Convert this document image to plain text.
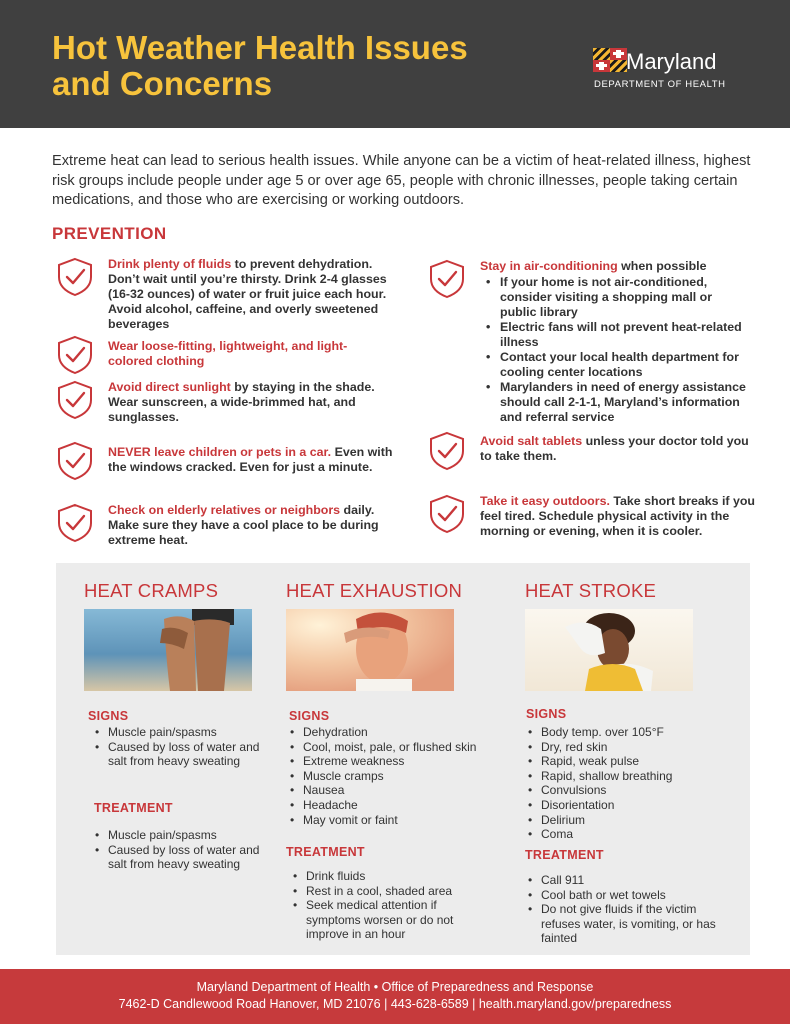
Hot Weather Health Issues and Concerns
Maryland
DEPARTMENT OF HEALTH
Extreme heat can lead to serious health issues. While anyone can be a victim of heat-related illness, highest risk groups include people under age 5 or over age 65, people with chronic illnesses, people taking certain medications, and those who are exercising or working outdoors.
PREVENTION
Drink plenty of fluids to prevent dehydration. Don’t wait until you’re thirsty. Drink 2-4 glasses (16-32 ounces) of water or fruit juice each hour. Avoid alcohol, caffeine, and overly sweetened beverages
Wear loose-fitting, lightweight, and light-colored clothing
Avoid direct sunlight by staying in the shade. Wear sunscreen, a wide-brimmed hat, and sunglasses.
NEVER leave children or pets in a car. Even with the windows cracked. Even for just a minute.
Check on elderly relatives or neighbors daily. Make sure they have a cool place to be during extreme heat.
Stay in air-conditioning when possible
• If your home is not air-conditioned, consider visiting a shopping mall or public library
• Electric fans will not prevent heat-related illness
• Contact your local health department for cooling center locations
• Marylanders in need of energy assistance should call 2-1-1, Maryland’s information and referral service
Avoid salt tablets unless your doctor told you to take them.
Take it easy outdoors. Take short breaks if you feel tired. Schedule physical activity in the morning or evening, when it is cooler.
HEAT CRAMPS
SIGNS
• Muscle pain/spasms
• Caused by loss of water and salt from heavy sweating
TREATMENT
• Muscle pain/spasms
• Caused by loss of water and salt from heavy sweating
HEAT EXHAUSTION
SIGNS
• Dehydration
• Cool, moist, pale, or flushed skin
• Extreme weakness
• Muscle cramps
• Nausea
• Headache
• May vomit or faint
TREATMENT
• Drink fluids
• Rest in a cool, shaded area
• Seek medical attention if symptoms worsen or do not improve in an hour
HEAT STROKE
SIGNS
• Body temp. over 105°F
• Dry, red skin
• Rapid, weak pulse
• Rapid, shallow breathing
• Convulsions
• Disorientation
• Delirium
• Coma
TREATMENT
• Call 911
• Cool bath or wet towels
• Do not give fluids if the victim refuses water, is vomiting, or has fainted
Maryland Department of Health • Office of Preparedness and Response
7462-D Candlewood Road Hanover, MD 21076 | 443-628-6589 | health.maryland.gov/preparedness
